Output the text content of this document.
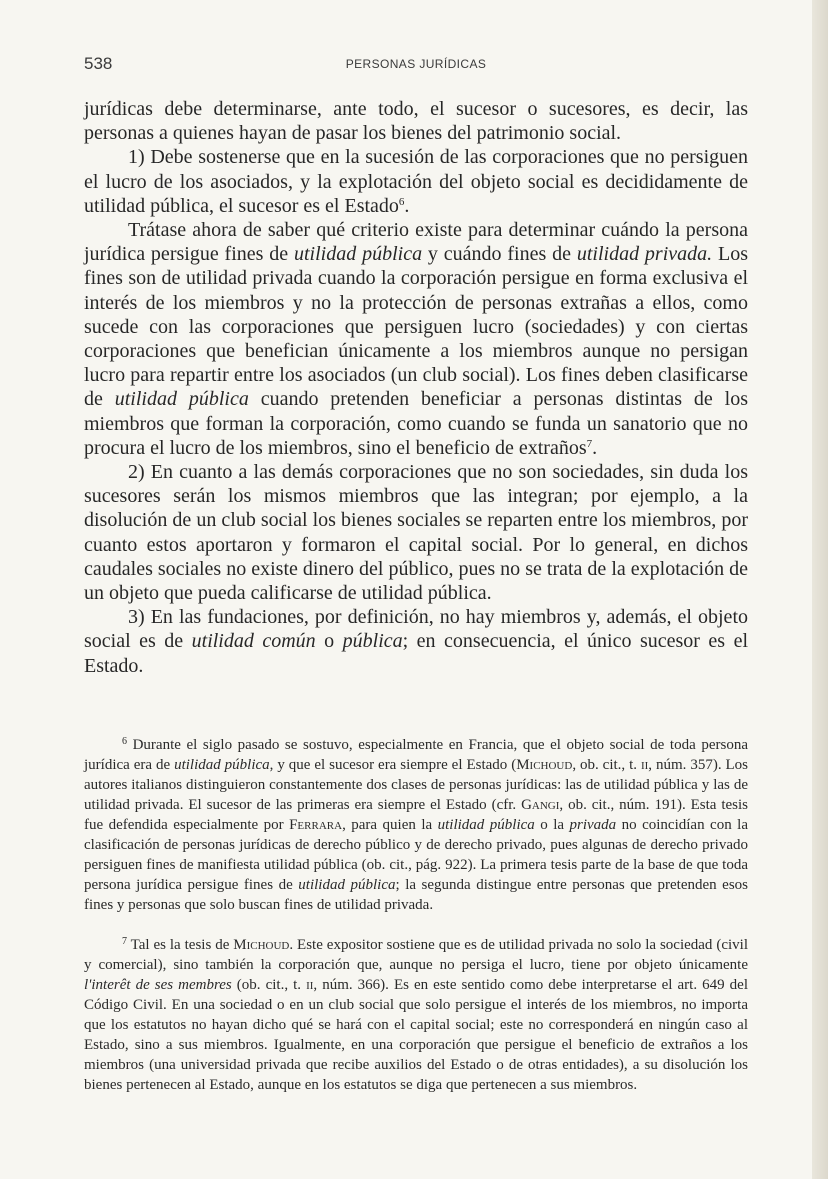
538	PERSONAS JURÍDICAS

jurídicas debe determinarse, ante todo, el sucesor o sucesores, es decir, las personas a quienes hayan de pasar los bienes del patrimonio social.

1) Debe sostenerse que en la sucesión de las corporaciones que no persiguen el lucro de los asociados, y la explotación del objeto social es decididamente de utilidad pública, el sucesor es el Estado$^6$.

Trátase ahora de saber qué criterio existe para determinar cuándo la persona jurídica persigue fines de utilidad pública y cuándo fines de utilidad privada. Los fines son de utilidad privada cuando la corporación persigue en forma exclusiva el interés de los miembros y no la protección de personas extrañas a ellos, como sucede con las corporaciones que persiguen lucro (sociedades) y con ciertas corporaciones que benefician únicamente a los miembros aunque no persigan lucro para repartir entre los asociados (un club social). Los fines deben clasificarse de utilidad pública cuando pretenden beneficiar a personas distintas de los miembros que forman la corporación, como cuando se funda un sanatorio que no procura el lucro de los miembros, sino el beneficio de extraños$^7$.

2) En cuanto a las demás corporaciones que no son sociedades, sin duda los sucesores serán los mismos miembros que las integran; por ejemplo, a la disolución de un club social los bienes sociales se reparten entre los miembros, por cuanto estos aportaron y formaron el capital social. Por lo general, en dichos caudales sociales no existe dinero del público, pues no se trata de la explotación de un objeto que pueda calificarse de utilidad pública.

3) En las fundaciones, por definición, no hay miembros y, además, el objeto social es de utilidad común o pública; en consecuencia, el único sucesor es el Estado.

$^6$ Durante el siglo pasado se sostuvo, especialmente en Francia, que el objeto social de toda persona jurídica era de utilidad pública, y que el sucesor era siempre el Estado (Michoud, ob. cit., t. ii, núm. 357). Los autores italianos distinguieron constantemente dos clases de personas jurídicas: las de utilidad pública y las de utilidad privada. El sucesor de las primeras era siempre el Estado (cfr. Gangi, ob. cit., núm. 191). Esta tesis fue defendida especialmente por Ferrara, para quien la utilidad pública o la privada no coincidían con la clasificación de personas jurídicas de derecho público y de derecho privado, pues algunas de derecho privado persiguen fines de manifiesta utilidad pública (ob. cit., pág. 922). La primera tesis parte de la base de que toda persona jurídica persigue fines de utilidad pública; la segunda distingue entre personas que pretenden esos fines y personas que solo buscan fines de utilidad privada.

$^7$ Tal es la tesis de Michoud. Este expositor sostiene que es de utilidad privada no solo la sociedad (civil y comercial), sino también la corporación que, aunque no persiga el lucro, tiene por objeto únicamente l'interêt de ses membres (ob. cit., t. ii, núm. 366). Es en este sentido como debe interpretarse el art. 649 del Código Civil. En una sociedad o en un club social que solo persigue el interés de los miembros, no importa que los estatutos no hayan dicho qué se hará con el capital social; este no corresponderá en ningún caso al Estado, sino a sus miembros. Igualmente, en una corporación que persigue el beneficio de extraños a los miembros (una universidad privada que recibe auxilios del Estado o de otras entidades), a su disolución los bienes pertenecen al Estado, aunque en los estatutos se diga que pertenecen a sus miembros.
